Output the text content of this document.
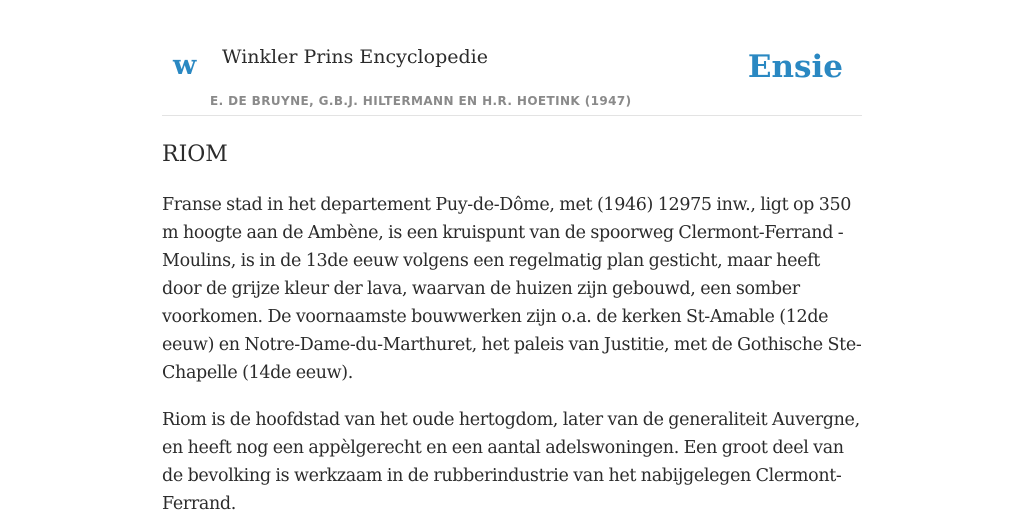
w Winkler Prins Encyclopedie
E. DE BRUYNE, G.B.J. HILTERMANN EN H.R. HOETINK (1947)
Ensie
RIOM

Franse stad in het departement Puy-de-Dôme, met (1946) 12975 inw., ligt op 350 m hoogte aan de Ambène, is een kruispunt van de spoorweg Clermont-Ferrand - Moulins, is in de 13de eeuw volgens een regelmatig plan gesticht, maar heeft door de grijze kleur der lava, waarvan de huizen zijn gebouwd, een somber voorkomen. De voornaamste bouwwerken zijn o.a. de kerken St-Amable (12de eeuw) en Notre-Dame-du-Marthuret, het paleis van Justitie, met de Gothische Ste-Chapelle (14de eeuw).

Riom is de hoofdstad van het oude hertogdom, later van de generaliteit Auvergne, en heeft nog een appèlgerecht en een aantal adelswoningen. Een groot deel van de bevolking is werkzaam in de rubberindustrie van het nabijgelegen Clermont-Ferrand.
